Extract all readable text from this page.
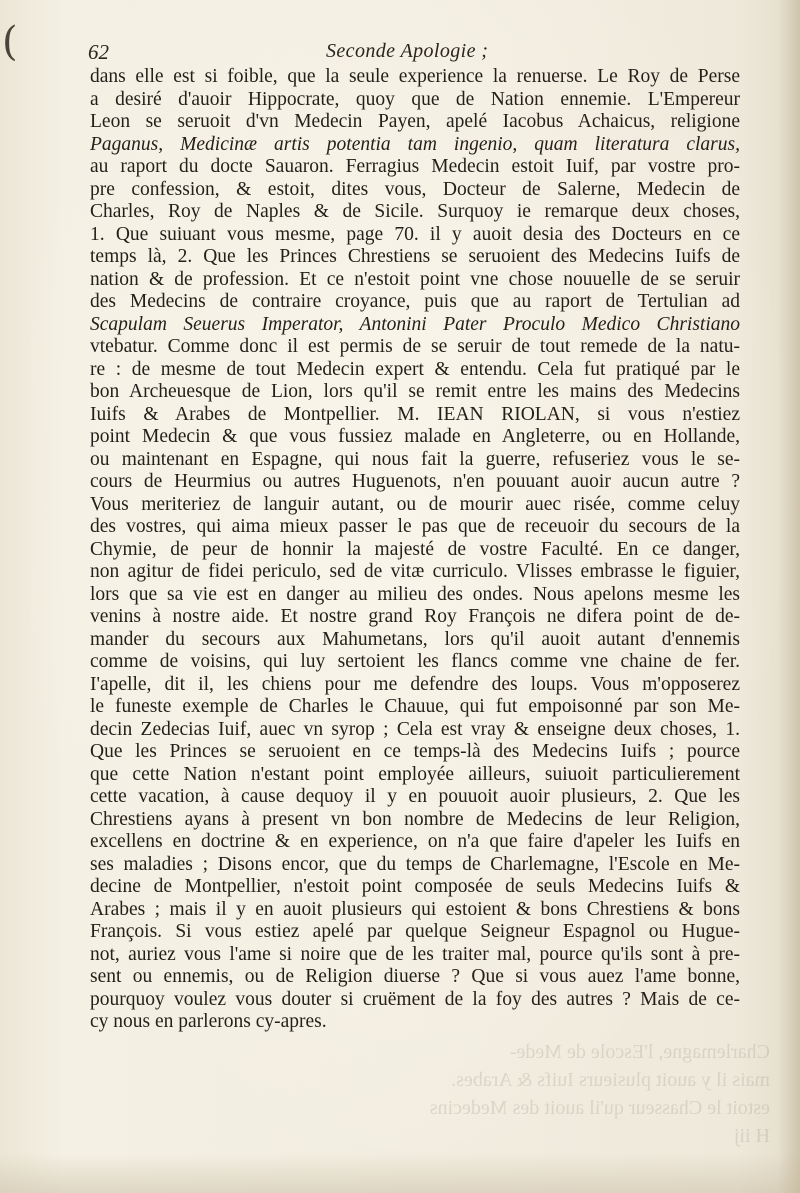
Charlemagne, l'Escole de Mede-
mais il y auoit plusieurs Iuifs & Arabes.
estoit le Chasseur qu'il auoit des Medecins
H iij
(	62	Seconde Apologie ;
dans elle est si foible, que la seule experience la renuerse. Le Roy de Perse
a desiré d'auoir Hippocrate, quoy que de Nation ennemie. L'Empereur
Leon se seruoit d'vn Medecin Payen, apelé Iacobus Achaicus, religione
Paganus, Medicinæ artis potentia tam ingenio, quam literatura clarus,
au raport du docte Sauaron. Ferragius Medecin estoit Iuif, par vostre pro-
pre confession, & estoit, dites vous, Docteur de Salerne, Medecin de
Charles, Roy de Naples & de Sicile. Surquoy ie remarque deux choses,
1. Que suiuant vous mesme, page 70. il y auoit desia des Docteurs en ce
temps là, 2. Que les Princes Chrestiens se seruoient des Medecins Iuifs de
nation & de profession. Et ce n'estoit point vne chose nouuelle de se seruir
des Medecins de contraire croyance, puis que au raport de Tertulian ad
Scapulam Seuerus Imperator, Antonini Pater Proculo Medico Christiano
vtebatur. Comme donc il est permis de se seruir de tout remede de la natu-
re : de mesme de tout Medecin expert & entendu. Cela fut pratiqué par le
bon Archeuesque de Lion, lors qu'il se remit entre les mains des Medecins
Iuifs & Arabes de Montpellier. M. IEAN RIOLAN, si vous n'estiez
point Medecin & que vous fussiez malade en Angleterre, ou en Hollande,
ou maintenant en Espagne, qui nous fait la guerre, refuseriez vous le se-
cours de Heurmius ou autres Huguenots, n'en pouuant auoir aucun autre ?
Vous meriteriez de languir autant, ou de mourir auec risée, comme celuy
des vostres, qui aima mieux passer le pas que de receuoir du secours de la
Chymie, de peur de honnir la majesté de vostre Faculté. En ce danger,
non agitur de fidei periculo, sed de vitæ curriculo. Vlisses embrasse le figuier,
lors que sa vie est en danger au milieu des ondes. Nous apelons mesme les
venins à nostre aide. Et nostre grand Roy François ne difera point de de-
mander du secours aux Mahumetans, lors qu'il auoit autant d'ennemis
comme de voisins, qui luy sertoient les flancs comme vne chaine de fer.
I'apelle, dit il, les chiens pour me defendre des loups. Vous m'opposerez
le funeste exemple de Charles le Chauue, qui fut empoisonné par son Me-
decin Zedecias Iuif, auec vn syrop ; Cela est vray & enseigne deux choses, 1.
Que les Princes se seruoient en ce temps-là des Medecins Iuifs ; pource
que cette Nation n'estant point employée ailleurs, suiuoit particulierement
cette vacation, à cause dequoy il y en pouuoit auoir plusieurs, 2. Que les
Chrestiens ayans à present vn bon nombre de Medecins de leur Religion,
excellens en doctrine & en experience, on n'a que faire d'apeler les Iuifs en
ses maladies ; Disons encor, que du temps de Charlemagne, l'Escole en Me-
decine de Montpellier, n'estoit point composée de seuls Medecins Iuifs &
Arabes ; mais il y en auoit plusieurs qui estoient & bons Chrestiens & bons
François. Si vous estiez apelé par quelque Seigneur Espagnol ou Hugue-
not, auriez vous l'ame si noire que de les traiter mal, pource qu'ils sont à pre-
sent ou ennemis, ou de Religion diuerse ? Que si vous auez l'ame bonne,
pourquoy voulez vous douter si cruëment de la foy des autres ? Mais de ce-
cy nous en parlerons cy-apres.
